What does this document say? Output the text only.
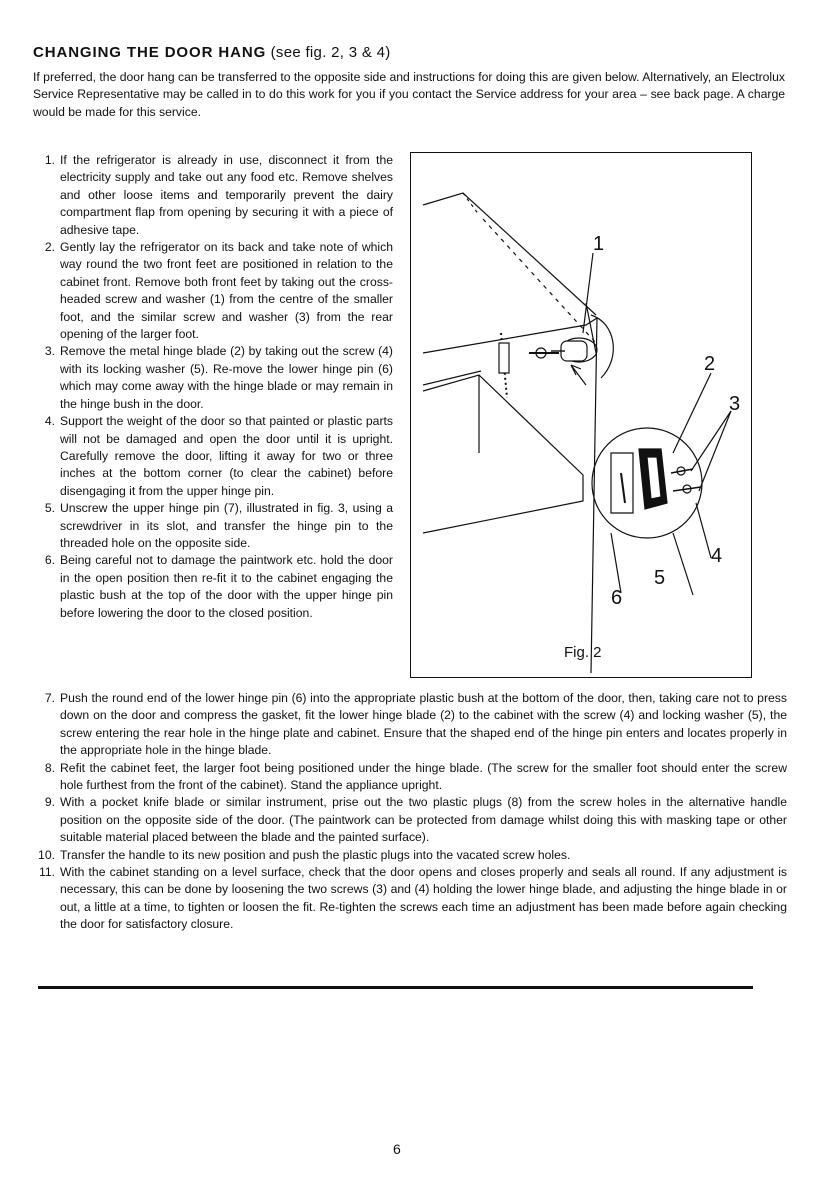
CHANGING THE DOOR HANG (see fig. 2, 3 & 4)
If preferred, the door hang can be transferred to the opposite side and instructions for doing this are given below. Alternatively, an Electrolux Service Representative may be called in to do this work for you if you contact the Service address for your area – see back page. A charge would be made for this service.
1. If the refrigerator is already in use, disconnect it from the electricity supply and take out any food etc. Remove shelves and other loose items and temporarily prevent the dairy compartment flap from opening by securing it with a piece of adhesive tape.
2. Gently lay the refrigerator on its back and take note of which way round the two front feet are positioned in relation to the cabinet front. Remove both front feet by taking out the cross-headed screw and washer (1) from the centre of the smaller foot, and the similar screw and washer (3) from the rear opening of the larger foot.
3. Remove the metal hinge blade (2) by taking out the screw (4) with its locking washer (5). Re-move the lower hinge pin (6) which may come away with the hinge blade or may remain in the hinge bush in the door.
4. Support the weight of the door so that painted or plastic parts will not be damaged and open the door until it is upright. Carefully remove the door, lifting it away for two or three inches at the bottom corner (to clear the cabinet) before disengaging it from the upper hinge pin.
5. Unscrew the upper hinge pin (7), illustrated in fig. 3, using a screwdriver in its slot, and transfer the hinge pin to the threaded hole on the opposite side.
6. Being careful not to damage the paintwork etc. hold the door in the open position then re-fit it to the cabinet engaging the plastic bush at the top of the door with the upper hinge pin before lowering the door to the closed position.
1
2
3
4
5
6
Fig. 2
7. Push the round end of the lower hinge pin (6) into the appropriate plastic bush at the bottom of the door, then, taking care not to press down on the door and compress the gasket, fit the lower hinge blade (2) to the cabinet with the screw (4) and locking washer (5), the screw entering the rear hole in the hinge plate and cabinet. Ensure that the shaped end of the hinge pin enters and locates properly in the appropriate hole in the hinge blade.
8. Refit the cabinet feet, the larger foot being positioned under the hinge blade. (The screw for the smaller foot should enter the screw hole furthest from the front of the cabinet). Stand the appliance upright.
9. With a pocket knife blade or similar instrument, prise out the two plastic plugs (8) from the screw holes in the alternative handle position on the opposite side of the door. (The paintwork can be protected from damage whilst doing this with masking tape or other suitable material placed between the blade and the painted surface).
10. Transfer the handle to its new position and push the plastic plugs into the vacated screw holes.
11. With the cabinet standing on a level surface, check that the door opens and closes properly and seals all round. If any adjustment is necessary, this can be done by loosening the two screws (3) and (4) holding the lower hinge blade, and adjusting the hinge blade in or out, a little at a time, to tighten or loosen the fit. Re-tighten the screws each time an adjustment has been made before again checking the door for satisfactory closure.
6
